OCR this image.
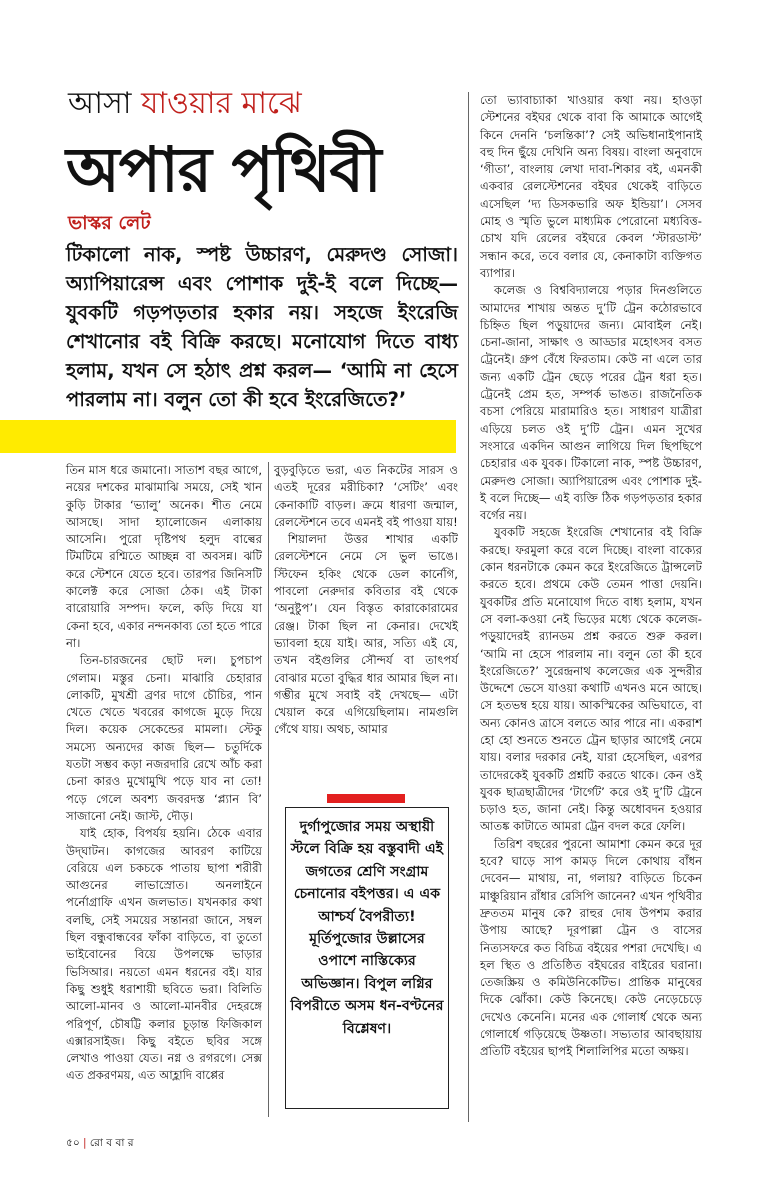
আসা যাওয়ার মাঝে
অপার পৃথিবী
ভাস্কর লেট
টিকালো নাক, স্পষ্ট উচ্চারণ, মেরুদণ্ড সোজা। অ্যাপিয়ারেন্স এবং পোশাক দুই-ই বলে দিচ্ছে— যুবকটি গড়পড়তার হকার নয়। সহজে ইংরেজি শেখানোর বই বিক্রি করছে। মনোযোগ দিতে বাধ্য হলাম, যখন সে হঠাৎ প্রশ্ন করল— ‘আমি না হেসে পারলাম না। বলুন তো কী হবে ইংরেজিতে?’

তিন মাস ধরে জমানো। সাতাশ বছর আগে, নয়ের দশকের মাঝামাঝি সময়ে, সেই খান কুড়ি টাকার ‘ভ্যালু’ অনেক। শীত নেমে আসছে। সাদা হ্যালোজেন এলাকায় আসেনি। পুরো দৃষ্টিপথ হলুদ বাল্বের টিমটিমে রশ্মিতে আচ্ছন্ন বা অবসন্ন। ঝটি করে স্টেশনে যেতে হবে। তারপর জিনিসটি কালেক্ট করে সোজা ঠেক। এই টাকা বারোয়ারি সম্পদ। ফলে, কড়ি দিয়ে যা কেনা হবে, একার নন্দনকাব্য তো হতে পারে না।

তিন-চারজনের ছোট দল। চুপচাপ গেলাম। মস্তুর চেনা। মাঝারি চেহারার লোকটি, মুখশ্রী ব্রণর দাগে চৌচির, পান খেতে খেতে খবরের কাগজে মুড়ে দিয়ে দিল। কয়েক সেকেন্ডের মামলা। স্টেকু সমস্যে অন্যদের কাজ ছিল— চতুর্দিকে যতটা সম্ভব কড়া নজরদারি রেখে আঁচ করা চেনা কারও মুখোমুখি পড়ে যাব না তো! পড়ে গেলে অবশ্য জবরদস্ত ‘প্ল্যান বি’ সাজানো নেই। জাস্ট, দৌড়।

যাই হোক, বিপর্যয় হয়নি। ঠেকে এবার উদ্‌ঘাটন। কাগজের আবরণ কাটিয়ে বেরিয়ে এল চকচকে পাতায় ছাপা শরীরী আগুনের লাভাস্রোত। অনলাইনে পর্নোগ্রাফি এখন জলভাত। যখনকার কথা বলছি, সেই সময়ের সন্তানরা জানে, সম্বল ছিল বন্ধুবান্ধবের ফাঁকা বাড়িতে, বা তুতো ভাইবোনের বিয়ে উপলক্ষে ভাড়ার ভিসিআর। নয়তো এমন ধরনের বই। যার কিছু শুধুই ধরাশায়ী ছবিতে ভরা। বিলিতি আলো-মানব ও আলো-মানবীর দেহরঙ্গে পরিপূর্ণ, চৌষট্টি কলার চূড়ান্ত ফিজিকাল এক্সারসাইজ। কিছু বইতে ছবির সঙ্গে লেখাও পাওয়া যেত। নগ্ন ও রগরগে। সেক্স এত প্রকরণময়, এত আহ্লাদি বাপ্পের

বুড়বুড়িতে ভরা, এত নিকটের সারস ও এতই দূরের মরীচিকা? ‘সেটিং’ এবং কেনাকাটি বাড়ল। ক্রমে ধারণা জন্মাল, রেলস্টেশনে তবে এমনই বই পাওয়া যায়!

শিয়ালদা উত্তর শাখার একটি রেলস্টেশনে নেমে সে ভুল ভাঙে। স্টিফেন হকিং থেকে ডেল কার্নেগি, পাবলো নেরুদার কবিতার বই থেকে ‘অনুষ্টুপ’। যেন বিস্তৃত কারাকোরামের রেঞ্জ। টাকা ছিল না কেনার। দেখেই ভ্যাবলা হয়ে যাই। আর, সত্যি এই যে, তখন বইগুলির সৌন্দর্য বা তাৎপর্য বোঝার মতো বুদ্ধির ধার আমার ছিল না। গম্ভীর মুখে সবাই বই দেখছে— এটা খেয়াল করে এগিয়েছিলাম। নামগুলি গেঁথে যায়। অথচ, আমার

দুর্গাপুজোর সময় অস্থায়ী স্টলে বিক্রি হয় বস্তুবাদী এই জগতের শ্রেণি সংগ্রাম চেনানোর বইপত্তর। এ এক আশ্চর্য বৈপরীত্য! মূর্তিপুজোর উল্লাসের ওপাশে নাস্তিক্যের অভিজ্ঞান। বিপুল লগ্নির বিপরীতে অসম ধন-বণ্টনের বিশ্লেষণ।

তো ভ্যাবাচ্যাকা খাওয়ার কথা নয়। হাওড়া স্টেশনের বইঘর থেকে বাবা কি আমাকে আগেই কিনে দেননি ‘চলন্তিকা’? সেই অভিধানাইপানাই বহু দিন ছুঁয়ে দেখিনি অন্য বিষয়। বাংলা অনুবাদে ‘গীতা’, বাংলায় লেখা দাবা-শিকার বই, এমনকী একবার রেলস্টেশনের বইঘর থেকেই বাড়িতে এসেছিল ‘দ্য ডিসকভারি অফ ইন্ডিয়া’। সেসব মোহ ও স্মৃতি ভুলে মাধ্যমিক পেরোনো মধ্যবিত্ত-চোখ যদি রেলের বইঘরে কেবল ‘স্টারডাস্ট’ সন্ধান করে, তবে বলার যে, কেনাকাটা ব্যক্তিগত ব্যাপার।

কলেজ ও বিশ্ববিদ্যালয়ে পড়ার দিনগুলিতে আমাদের শাখায় অন্তত দু’টি ট্রেন কঠোরভাবে চিহ্নিত ছিল পড়ুয়াদের জন্য। মোবাইল নেই। চেনা-জানা, সাক্ষাৎ ও আড্ডার মহোৎসব বসত ট্রেনেই। গ্রুপ বেঁধে ফিরতাম। কেউ না এলে তার জন্য একটি ট্রেন ছেড়ে পরের ট্রেন ধরা হত। ট্রেনেই প্রেম হত, সম্পর্ক ভাঙত। রাজনৈতিক বচসা পেরিয়ে মারামারিও হত। সাধারণ যাত্রীরা এড়িয়ে চলত ওই দু’টি ট্রেন। এমন সুখের সংসারে একদিন আগুন লাগিয়ে দিল ছিপছিপে চেহারার এক যুবক। টিকালো নাক, স্পষ্ট উচ্চারণ, মেরুদণ্ড সোজা। অ্যাপিয়ারেন্স এবং পোশাক দুই-ই বলে দিচ্ছে— এই ব্যক্তি ঠিক গড়পড়তার হকার বর্গের নয়।

যুবকটি সহজে ইংরেজি শেখানোর বই বিক্রি করছে। ফরমুলা করে বলে দিচ্ছে। বাংলা বাক্যের কোন ধরনটাকে কেমন করে ইংরেজিতে ট্রান্সলেট করতে হবে। প্রথমে কেউ তেমন পাত্তা দেয়নি। যুবকটির প্রতি মনোযোগ দিতে বাধ্য হলাম, যখন সে বলা-কওয়া নেই ভিড়ের মধ্যে থেকে কলেজ-পড়ুয়াদেরই র‍্যানডম প্রশ্ন করতে শুরু করল। ‘আমি না হেসে পারলাম না। বলুন তো কী হবে ইংরেজিতে?’ সুরেন্দ্রনাথ কলেজের এক সুন্দরীর উদ্দেশে ভেসে যাওয়া কথাটি এখনও মনে আছে। সে হতভম্ব হয়ে যায়। আকস্মিকের অভিঘাতে, বা অন্য কোনও ত্রাসে বলতে আর পারে না। একরাশ হো হো শুনতে শুনতে ট্রেন ছাড়ার আগেই নেমে যায়। বলার দরকার নেই, যারা হেসেছিল, এরপর তাদেরকেই যুবকটি প্রশ্নটি করতে থাকে। কেন ওই যুবক ছাত্রছাত্রীদের ‘টার্গেট’ করে ওই দু’টি ট্রেনে চড়াও হত, জানা নেই। কিন্তু অধোবদন হওয়ার আতঙ্ক কাটাতে আমরা ট্রেন বদল করে ফেলি।

তিরিশ বছরের পুরনো আমাশা কেমন করে দূর হবে? ঘাড়ে সাপ কামড় দিলে কোথায় বাঁধন দেবেন— মাথায়, না, গলায়? বাড়িতে চিকেন মাঞ্চুরিয়ান রাঁধার রেসিপি জানেন? এখন পৃথিবীর দ্রুততম মানুষ কে? রাহুর দোষ উপশম করার উপায় আছে? দূরপাল্লা ট্রেন ও বাসের নিত্যসফরে কত বিচিত্র বইয়ের পশরা দেখেছি। এ হল স্থিত ও প্রতিষ্ঠিত বইঘরের বাইরের ঘরানা। তেজস্ক্রিয় ও কমিউনিকেটিভ। প্রান্তিক মানুষের দিকে ঝোঁকা। কেউ কিনেছে। কেউ নেড়েচেড়ে দেখেও কেনেনি। মনের এক গোলার্ধ থেকে অন্য গোলার্ধে গড়িয়েছে উষ্ণতা। সভ্যতার আবছায়ায় প্রতিটি বইয়ের ছাপই শিলালিপির মতো অক্ষয়।

৫০ | রো ব বা র
